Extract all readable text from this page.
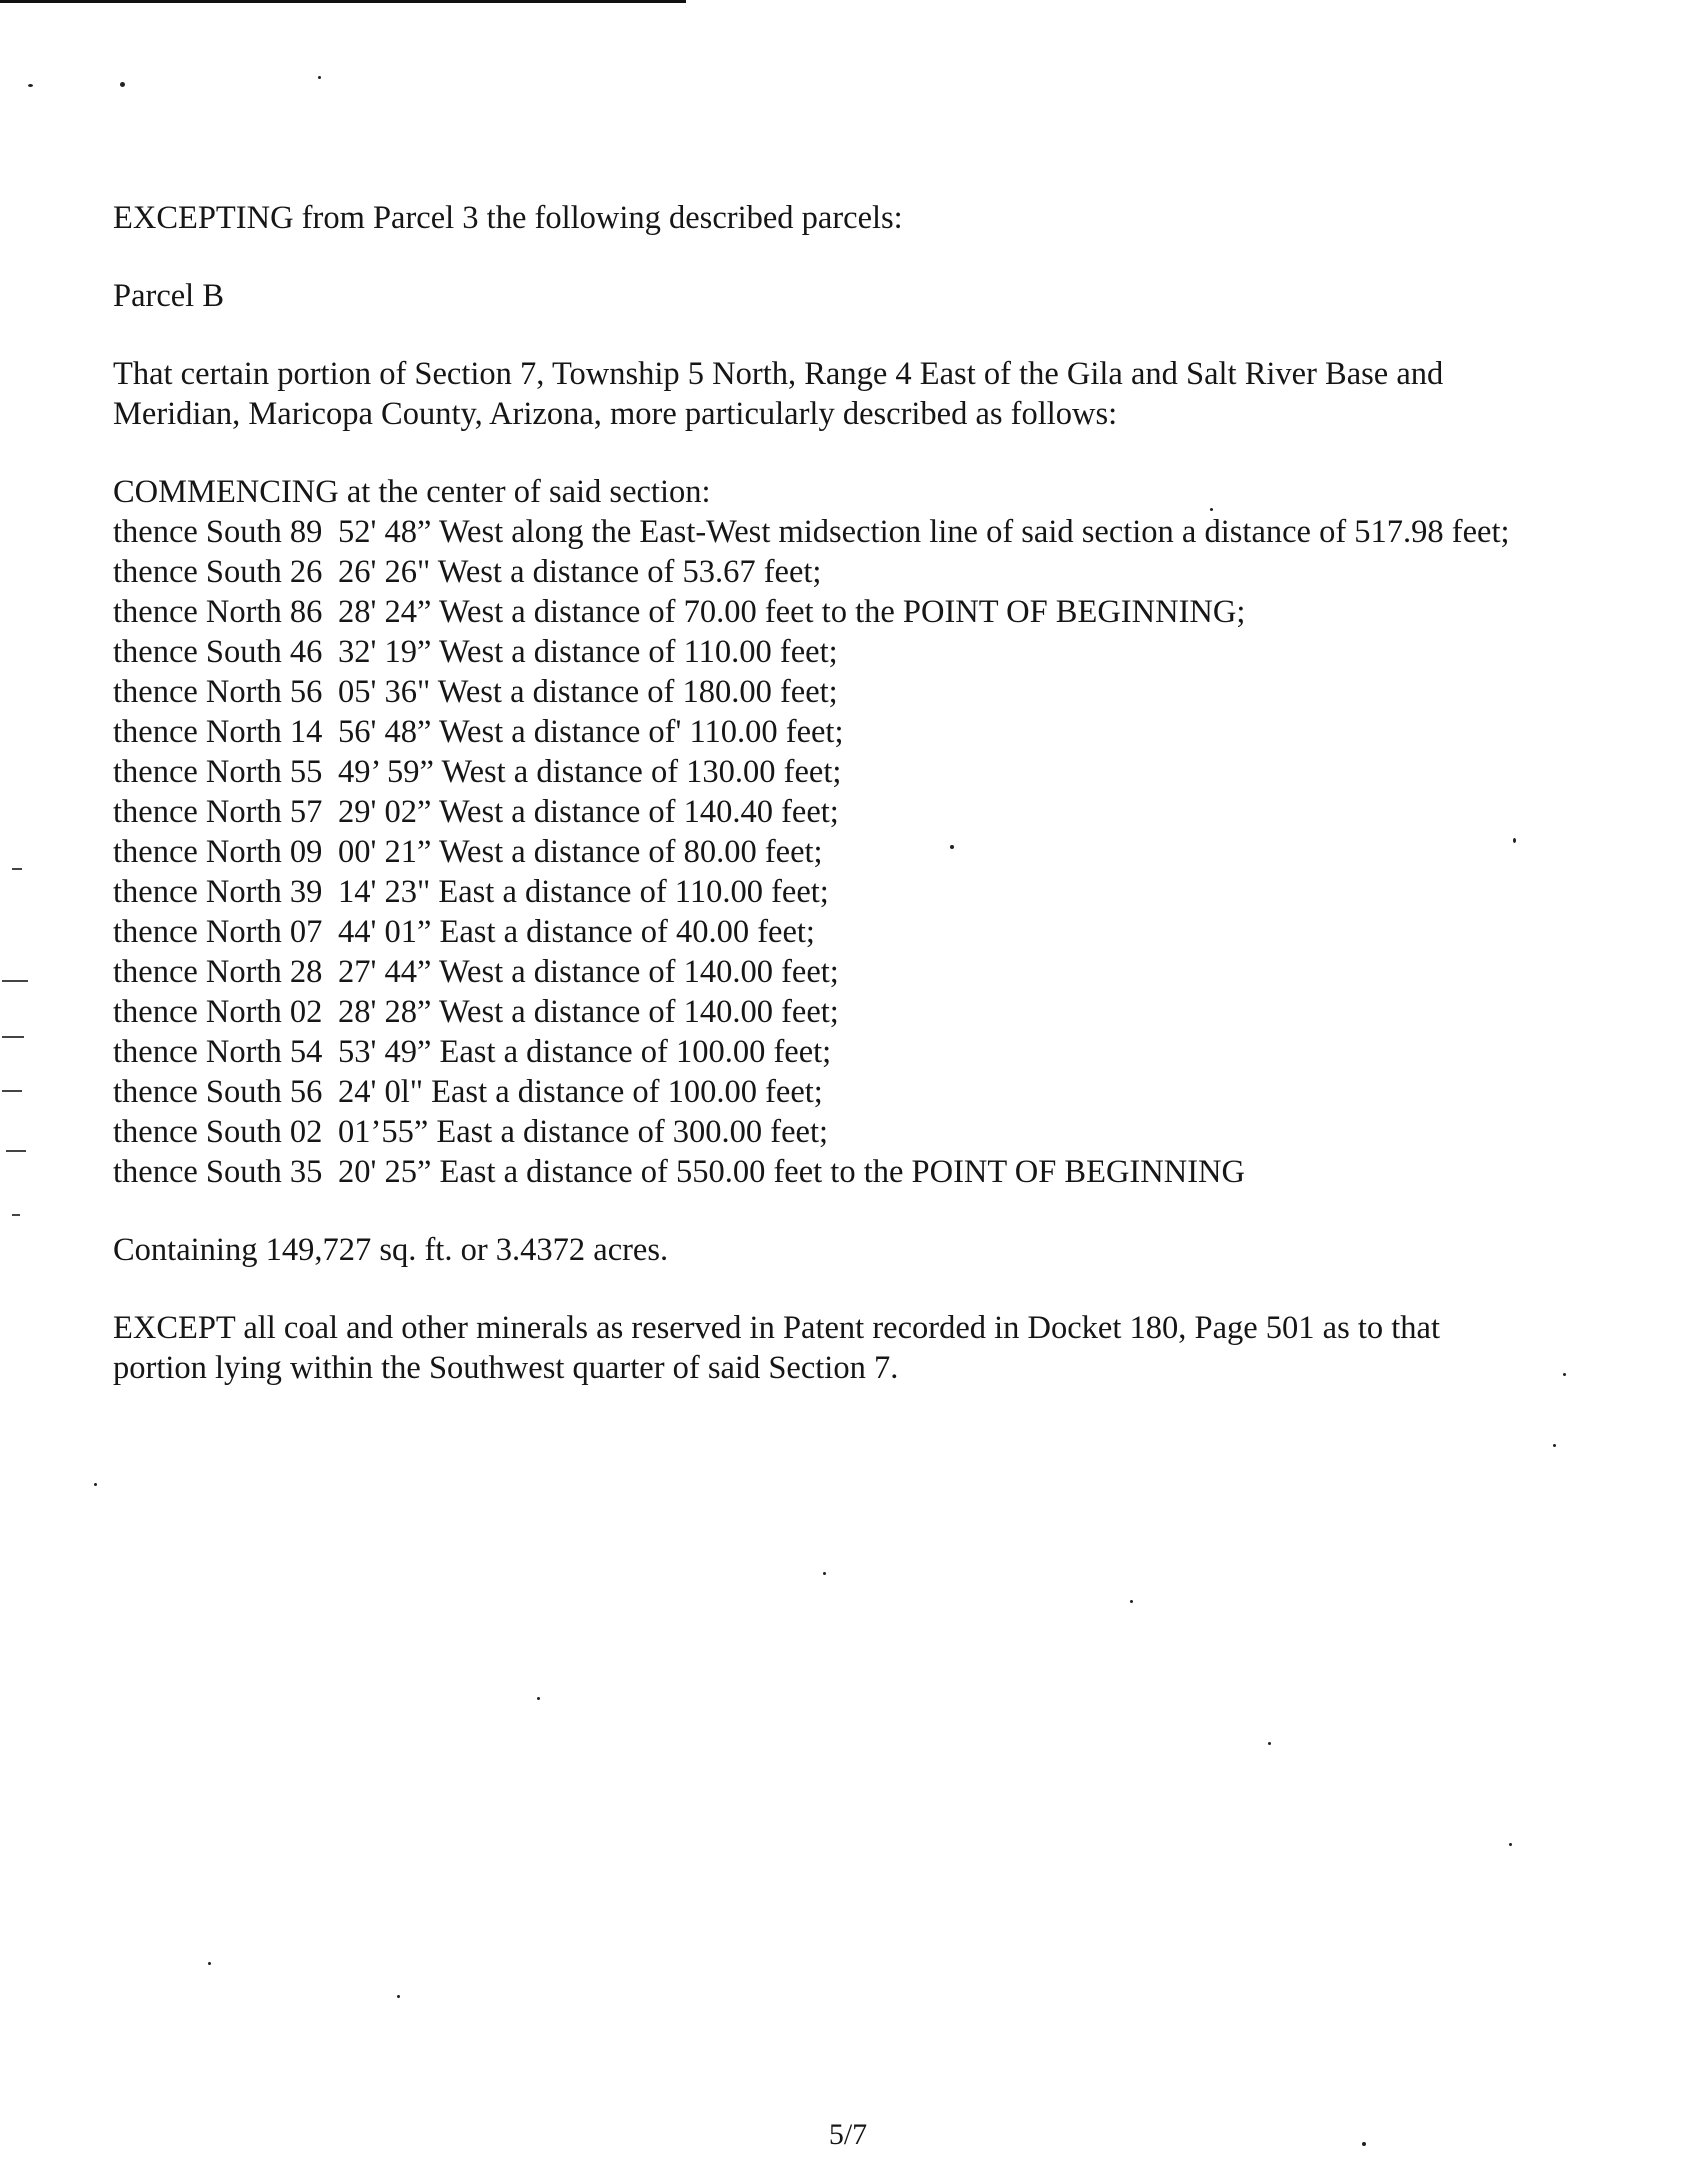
EXCEPTING from Parcel 3 the following described parcels:

Parcel B

That certain portion of Section 7, Township 5 North, Range 4 East of the Gila and Salt River Base and Meridian, Maricopa County, Arizona, more particularly described as follows:

COMMENCING at the center of said section:

thence South 89 52' 48” West along the East-West midsection line of said section a distance of 517.98 feet;
thence South 26 26' 26" West a distance of 53.67 feet;
thence North 86 28' 24” West a distance of 70.00 feet to the POINT OF BEGINNING;
thence South 46 32' 19” West a distance of 110.00 feet;
thence North 56 05' 36" West a distance of 180.00 feet;
thence North 14 56' 48” West a distance of' 110.00 feet;
thence North 55 49’ 59” West a distance of 130.00 feet;
thence North 57 29' 02” West a distance of 140.40 feet;
thence North 09 00' 21” West a distance of 80.00 feet;
thence North 39 14' 23" East a distance of 110.00 feet;
thence North 07 44' 01” East a distance of 40.00 feet;
thence North 28 27' 44” West a distance of 140.00 feet;
thence North 02 28' 28” West a distance of 140.00 feet;
thence North 54 53' 49” East a distance of 100.00 feet;
thence South 56 24' 0l" East a distance of 100.00 feet;
thence South 02 01’55” East a distance of 300.00 feet;
thence South 35 20' 25” East a distance of 550.00 feet to the POINT OF BEGINNING

Containing 149,727 sq. ft. or 3.4372 acres.

EXCEPT all coal and other minerals as reserved in Patent recorded in Docket 180, Page 501 as to that portion lying within the Southwest quarter of said Section 7.

5/7
